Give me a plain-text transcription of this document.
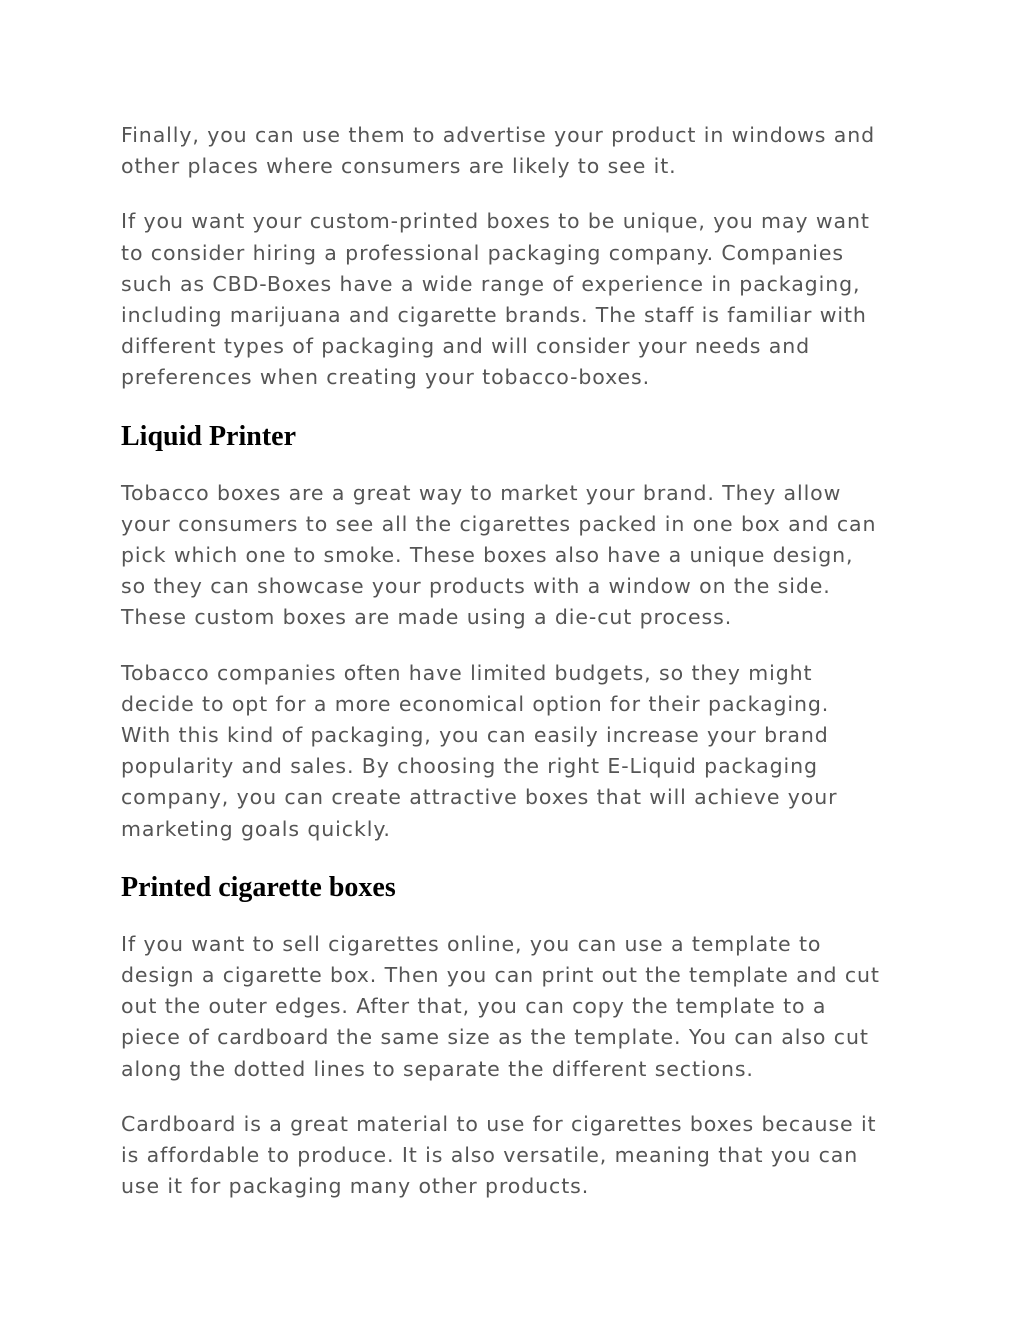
Finally, you can use them to advertise your product in windows and
other places where consumers are likely to see it.

If you want your custom-printed boxes to be unique, you may want
to consider hiring a professional packaging company. Companies
such as CBD-Boxes have a wide range of experience in packaging,
including marijuana and cigarette brands. The staff is familiar with
different types of packaging and will consider your needs and
preferences when creating your tobacco-boxes.

Liquid Printer

Tobacco boxes are a great way to market your brand. They allow
your consumers to see all the cigarettes packed in one box and can
pick which one to smoke. These boxes also have a unique design,
so they can showcase your products with a window on the side.
These custom boxes are made using a die-cut process.

Tobacco companies often have limited budgets, so they might
decide to opt for a more economical option for their packaging.
With this kind of packaging, you can easily increase your brand
popularity and sales. By choosing the right E-Liquid packaging
company, you can create attractive boxes that will achieve your
marketing goals quickly.

Printed cigarette boxes

If you want to sell cigarettes online, you can use a template to
design a cigarette box. Then you can print out the template and cut
out the outer edges. After that, you can copy the template to a
piece of cardboard the same size as the template. You can also cut
along the dotted lines to separate the different sections.

Cardboard is a great material to use for cigarettes boxes because it
is affordable to produce. It is also versatile, meaning that you can
use it for packaging many other products.
